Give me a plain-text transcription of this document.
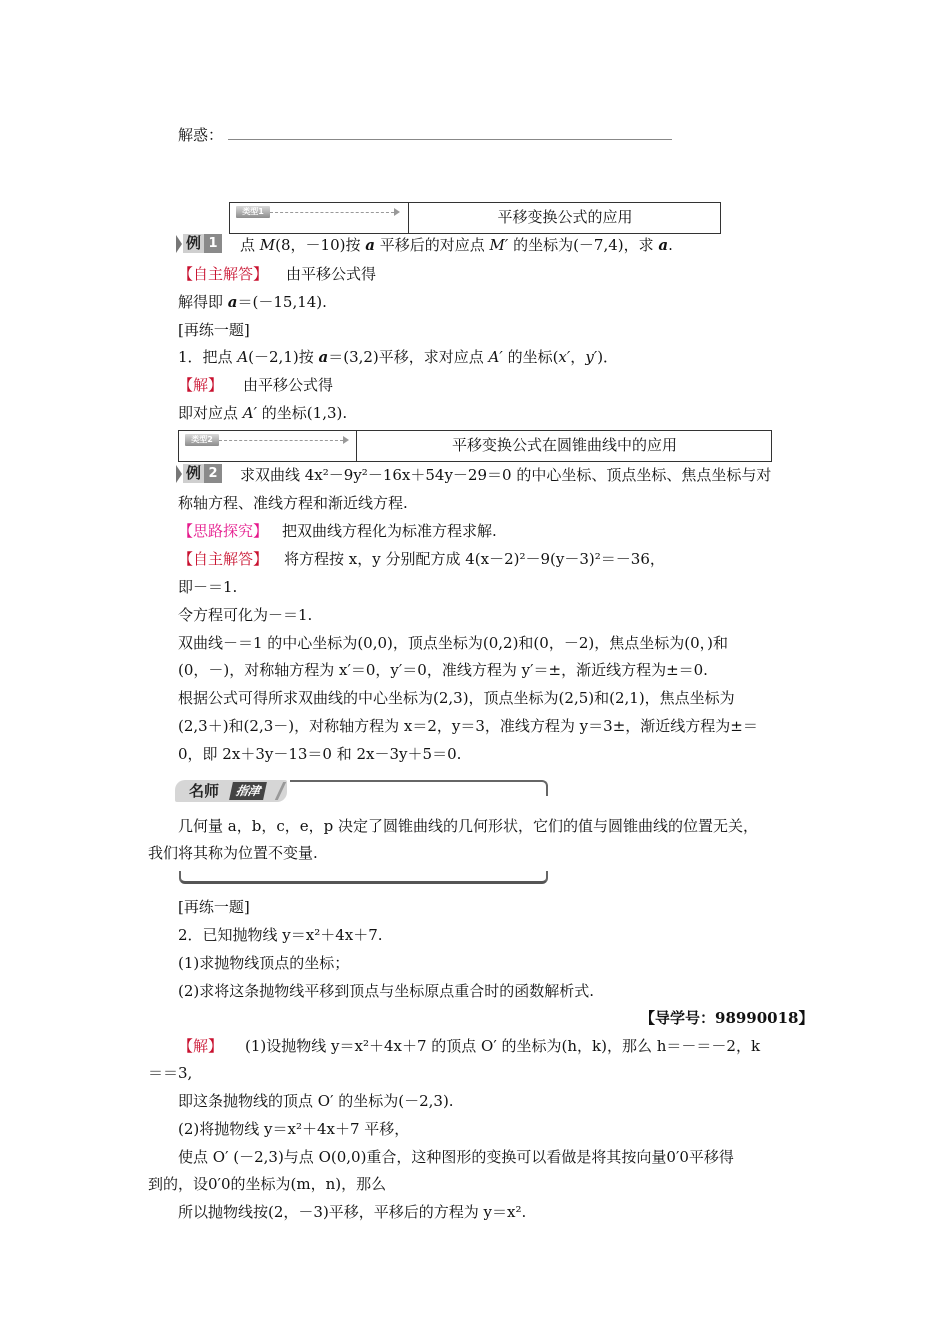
解惑：
类型1	平移变换公式的应用
例 1 点 M(8，－10)按 a 平移后的对应点 M′ 的坐标为(－7,4)，求 a.
【自主解答】 由平移公式得
解得即 a＝(－15,14).
[再练一题]
1．把点 A(－2,1)按 a＝(3,2)平移，求对应点 A′ 的坐标(x′，y′)．
【解】 由平移公式得
即对应点 A′ 的坐标(1,3).
类型2	平移变换公式在圆锥曲线中的应用
例 2 求双曲线 4x²－9y²－16x＋54y－29＝0 的中心坐标、顶点坐标、焦点坐标与对
称轴方程、准线方程和渐近线方程.
【思路探究】 把双曲线方程化为标准方程求解.
【自主解答】 将方程按 x，y 分别配方成 4(x－2)²－9(y－3)²＝－36，
即－＝1.
令方程可化为－＝1.
双曲线－＝1 的中心坐标为(0,0)，顶点坐标为(0,2)和(0，－2)，焦点坐标为(0，)和
(0，－)，对称轴方程为 x′＝0，y′＝0，准线方程为 y′＝±，渐近线方程为±＝0.
根据公式可得所求双曲线的中心坐标为(2,3)，顶点坐标为(2,5)和(2,1)，焦点坐标为
(2,3＋)和(2,3－)，对称轴方程为 x＝2，y＝3，准线方程为 y＝3±，渐近线方程为±＝
0，即 2x＋3y－13＝0 和 2x－3y＋5＝0.
名师	指津
几何量 a，b，c，e，p 决定了圆锥曲线的几何形状，它们的值与圆锥曲线的位置无关，
我们将其称为位置不变量.
[再练一题]
2．已知抛物线 y＝x²＋4x＋7.
(1)求抛物线顶点的坐标；
(2)求将这条抛物线平移到顶点与坐标原点重合时的函数解析式.
【导学号：98990018】
【解】 (1)设抛物线 y＝x²＋4x＋7 的顶点 O′ 的坐标为(h，k)，那么 h＝－＝－2，k
＝＝3,
即这条抛物线的顶点 O′ 的坐标为(－2,3).
(2)将抛物线 y＝x²＋4x＋7 平移，
使点 O′ (－2,3)与点 O(0,0)重合，这种图形的变换可以看做是将其按向量0′0平移得
到的，设0′0的坐标为(m，n)，那么
所以抛物线按(2，－3)平移，平移后的方程为 y＝x².
